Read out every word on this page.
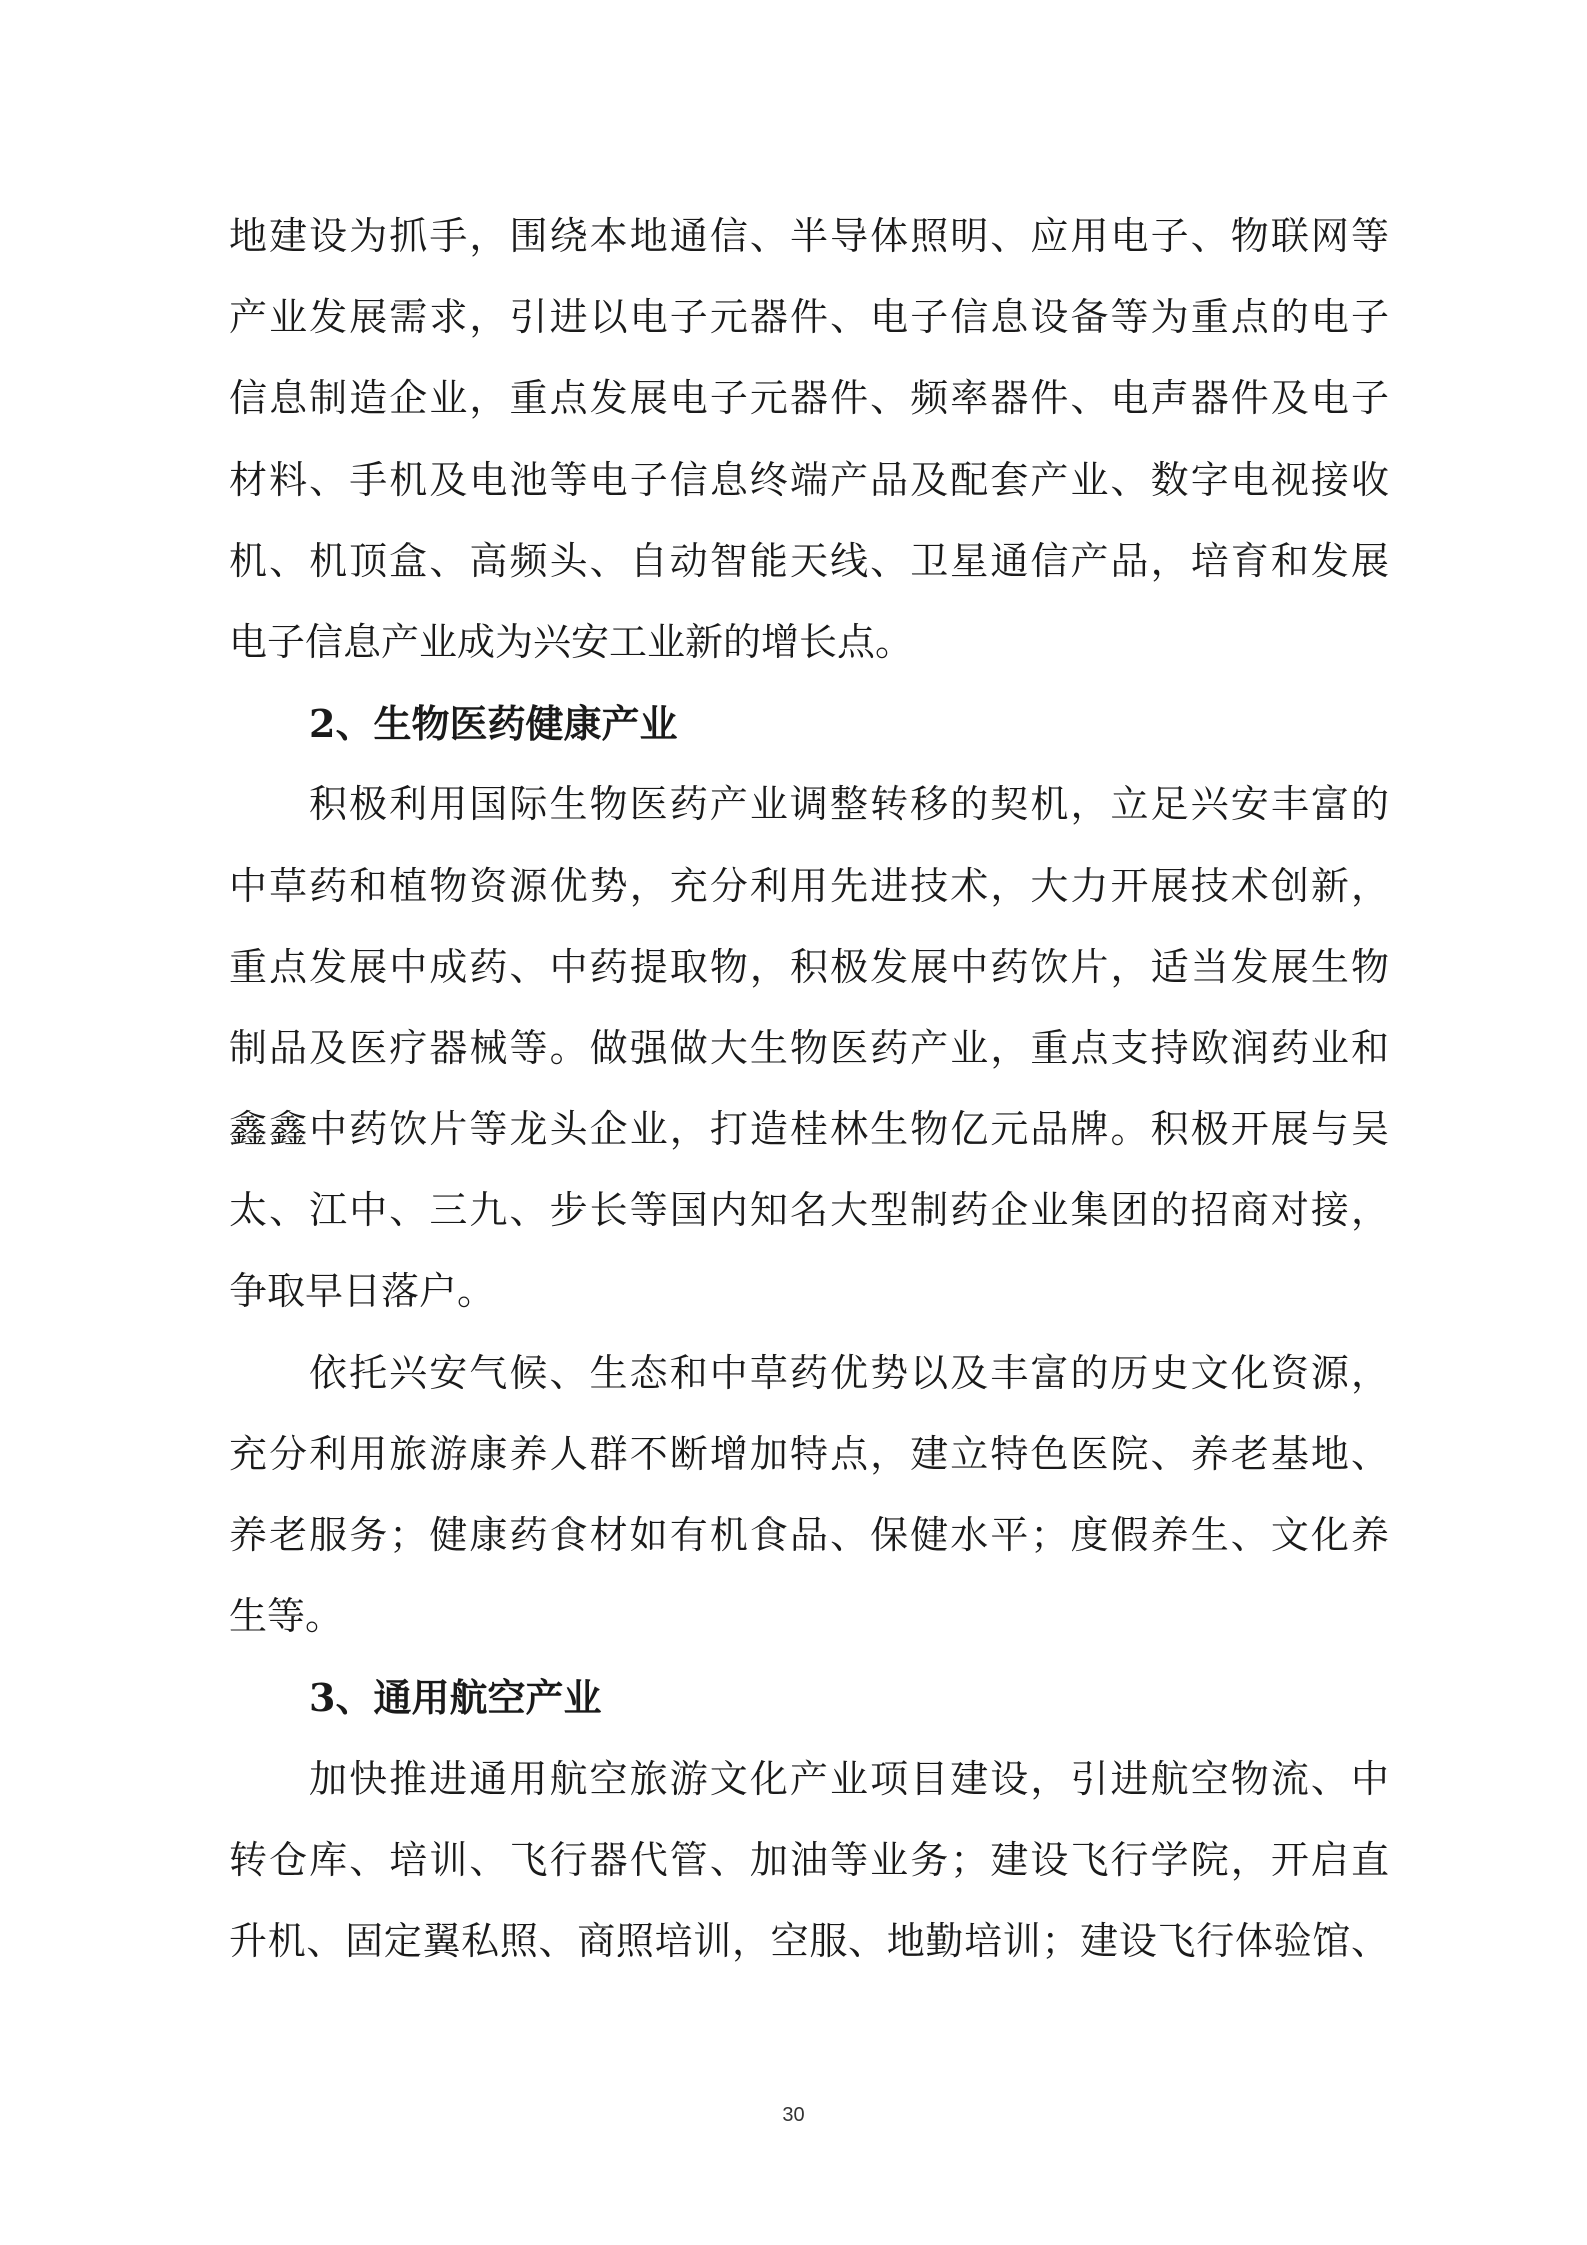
地建设为抓手，围绕本地通信、半导体照明、应用电子、物联网等
产业发展需求，引进以电子元器件、电子信息设备等为重点的电子
信息制造企业，重点发展电子元器件、频率器件、电声器件及电子
材料、手机及电池等电子信息终端产品及配套产业、数字电视接收
机、机顶盒、高频头、自动智能天线、卫星通信产品，培育和发展
电子信息产业成为兴安工业新的增长点。
2、生物医药健康产业
积极利用国际生物医药产业调整转移的契机，立足兴安丰富的
中草药和植物资源优势，充分利用先进技术，大力开展技术创新，
重点发展中成药、中药提取物，积极发展中药饮片，适当发展生物
制品及医疗器械等。做强做大生物医药产业，重点支持欧润药业和
鑫鑫中药饮片等龙头企业，打造桂林生物亿元品牌。积极开展与吴
太、江中、三九、步长等国内知名大型制药企业集团的招商对接，
争取早日落户。
依托兴安气候、生态和中草药优势以及丰富的历史文化资源，
充分利用旅游康养人群不断增加特点，建立特色医院、养老基地、
养老服务；健康药食材如有机食品、保健水平；度假养生、文化养
生等。
3、通用航空产业
加快推进通用航空旅游文化产业项目建设，引进航空物流、中
转仓库、培训、飞行器代管、加油等业务；建设飞行学院，开启直
升机、固定翼私照、商照培训，空服、地勤培训；建设飞行体验馆、
30
